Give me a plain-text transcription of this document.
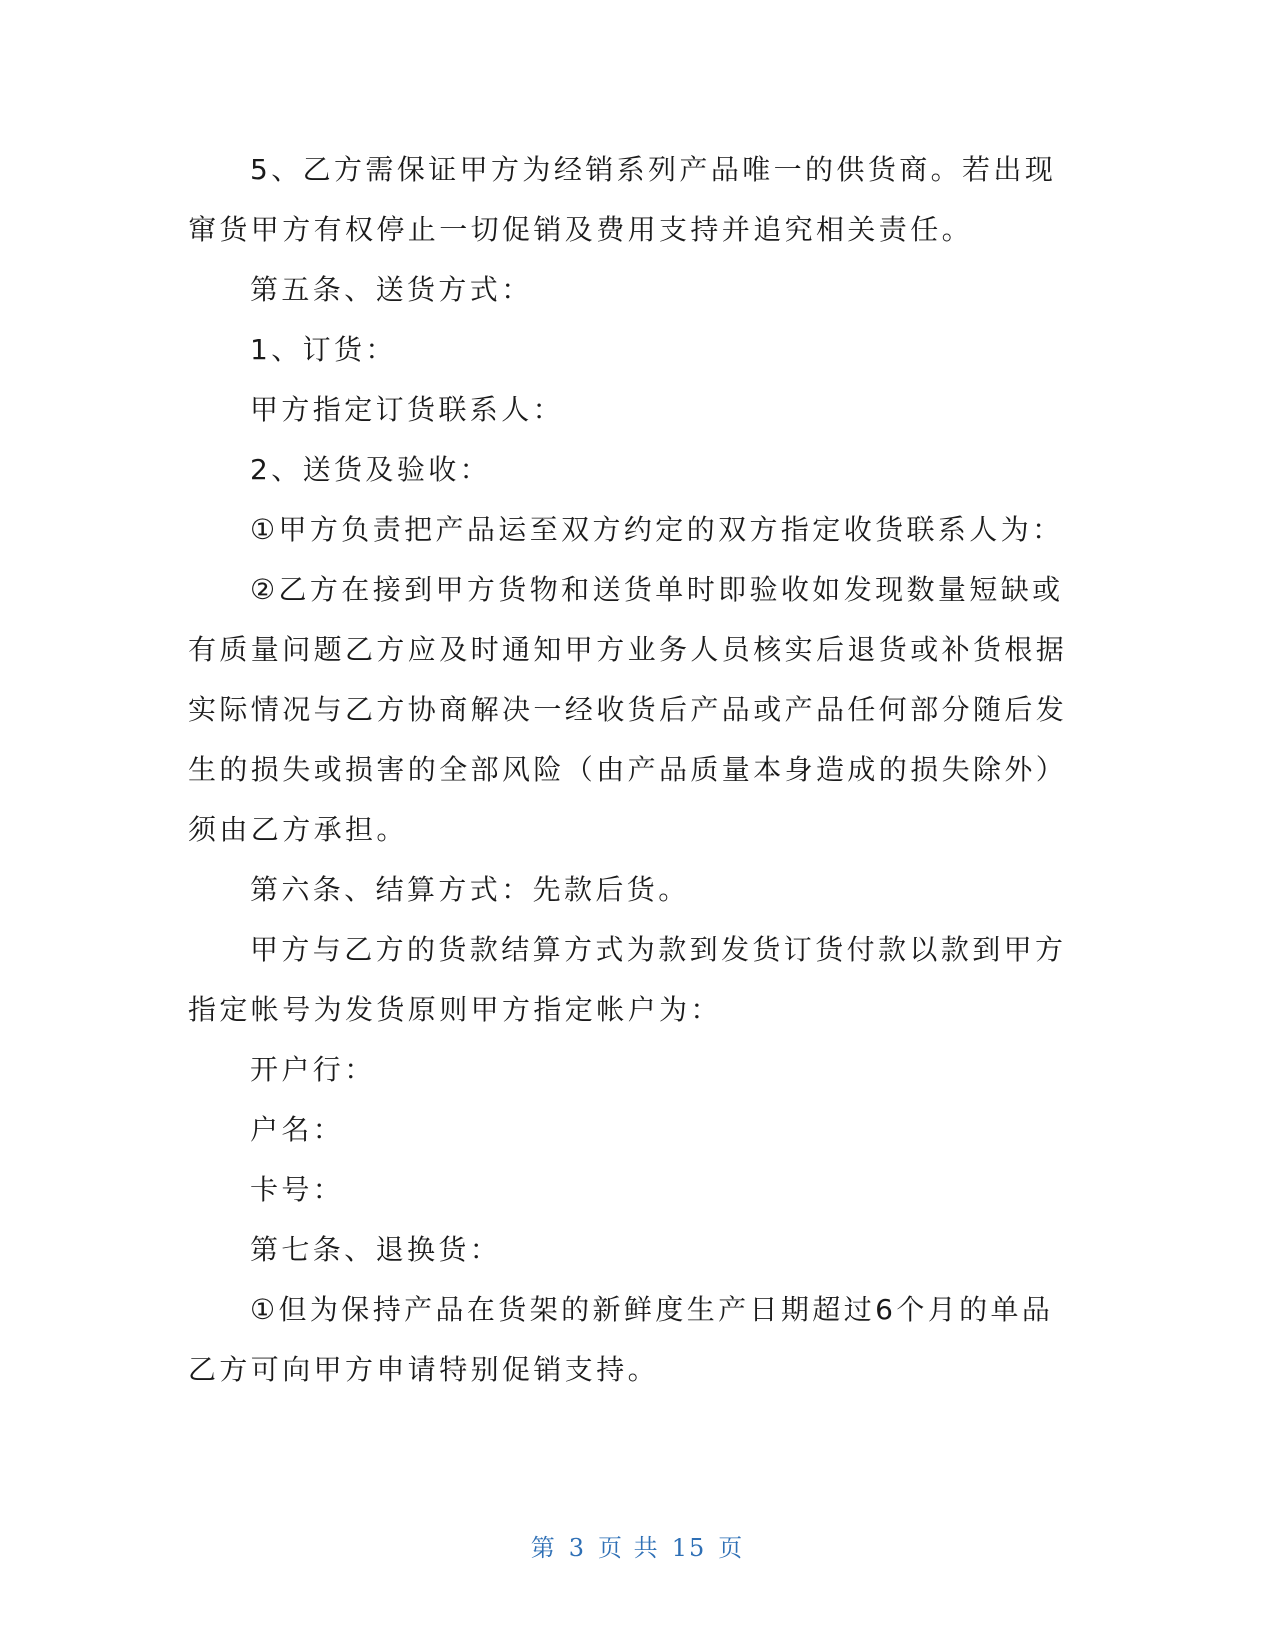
5、乙方需保证甲方为经销系列产品唯一的供货商。若出现窜货甲方有权停止一切促销及费用支持并追究相关责任。

第五条、送货方式：

1、订货：

甲方指定订货联系人：

2、送货及验收：

①甲方负责把产品运至双方约定的双方指定收货联系人为：

②乙方在接到甲方货物和送货单时即验收如发现数量短缺或有质量问题乙方应及时通知甲方业务人员核实后退货或补货根据实际情况与乙方协商解决一经收货后产品或产品任何部分随后发生的损失或损害的全部风险（由产品质量本身造成的损失除外）须由乙方承担。

第六条、结算方式：先款后货。

甲方与乙方的货款结算方式为款到发货订货付款以款到甲方指定帐号为发货原则甲方指定帐户为：

开户行：

户名：

卡号：

第七条、退换货：

①但为保持产品在货架的新鲜度生产日期超过6个月的单品乙方可向甲方申请特别促销支持。

第 3 页 共 15 页
